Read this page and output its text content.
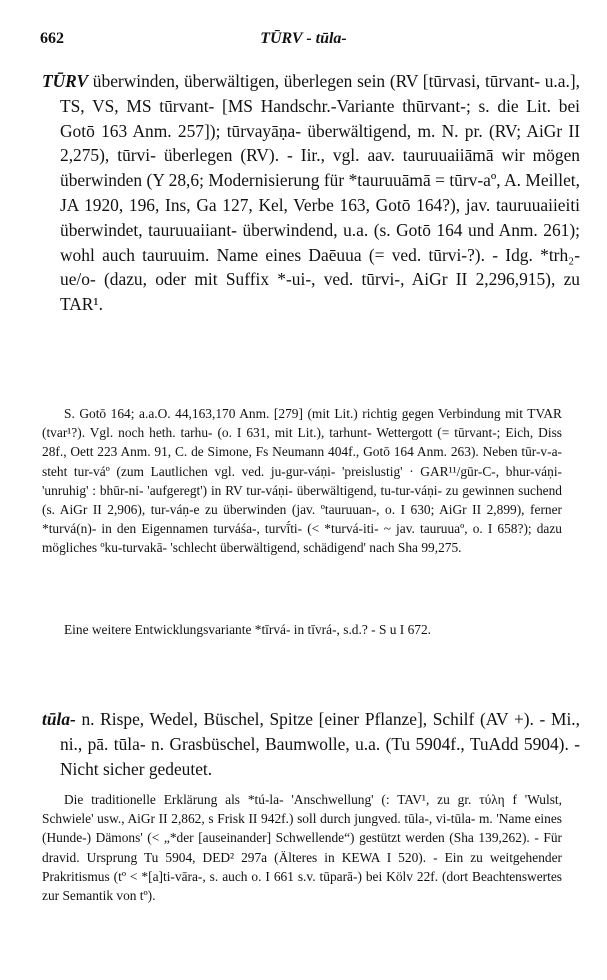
662	TŪRV - tūla-

TŪRV überwinden, überwältigen, überlegen sein (RV [tūrvasi, tūrvant- u.a.], TS, VS, MS tūrvant- [MS Handschr.-Variante thūrvant-; s. die Lit. bei Gotō 163 Anm. 257]); tūrvayāṇa- überwältigend, m. N. pr. (RV; AiGr II 2,275), tūrvi- überlegen (RV). - Iir., vgl. aav. tauruuaiiāmā wir mögen überwinden (Y 28,6; Modernisierung für *tauruuāmā = tūrv-aº, A. Meillet, JA 1920, 196, Ins, Ga 127, Kel, Verbe 163, Gotō 164?), jav. tauruuaiieiti überwindet, tauruuaiiant- überwindend, u.a. (s. Gotō 164 und Anm. 261); wohl auch tauruuim. Name eines Daēuua (= ved. tūrvi-?). - Idg. *trh₂-ue/o- (dazu, oder mit Suffix *-ui-, ved. tūrvi-, AiGr II 2,296,915), zu TAR¹.

S. Gotō 164; a.a.O. 44,163,170 Anm. [279] (mit Lit.) richtig gegen Verbindung mit TVAR (tvar¹?). Vgl. noch heth. tarhu- (o. I 631, mit Lit.), tarhunt- Wettergott (= tūrvant-; Eich, Diss 28f., Oett 223 Anm. 91, C. de Simone, Fs Neumann 404f., Gotō 164 Anm. 263). Neben tūr-v-a- steht tur-váº (zum Lautlichen vgl. ved. ju-gur-váṇi- 'preislustig' · GAR¹¹/gūr-C-, bhur-váṇi- 'unruhig' : bhūr-ni- 'aufgeregt') in RV tur-váṇi- überwältigend, tu-tur-váṇi- zu gewinnen suchend (s. AiGr II 2,906), tur-váṇ-e zu überwinden (jav. ºtauruuan-, o. I 630; AiGr II 2,899), ferner *turvá(n)- in den Eigennamen turváśa-, turvī́ti- (< *turvá-iti- ~ jav. tauruuaº, o. I 658?); dazu mögliches ºku-turvakā- 'schlecht überwältigend, schädigend' nach Sha 99,275.

Eine weitere Entwicklungsvariante *tīrvá- in tīvrá-, s.d.? - S u I 672.

tūla- n. Rispe, Wedel, Büschel, Spitze [einer Pflanze], Schilf (AV +). - Mi., ni., pā. tūla- n. Grasbüschel, Baumwolle, u.a. (Tu 5904f., TuAdd 5904). - Nicht sicher gedeutet.

Die traditionelle Erklärung als *tú-la- 'Anschwellung' (: TAV¹, zu gr. τύλη f 'Wulst, Schwiele' usw., AiGr II 2,862, s Frisk II 942f.) soll durch jungved. tūla-, vi-tūla- m. 'Name eines (Hunde-) Dämons' (< „*der [auseinander] Schwellende“) gestützt werden (Sha 139,262). - Für dravid. Ursprung Tu 5904, DED² 297a (Älteres in KEWA I 520). - Ein zu weitgehender Prakritismus (tº < *[a]ti-vāra-, s. auch o. I 661 s.v. tūparā-) bei Kölv 22f. (dort Beachtenswertes zur Semantik von tº).
